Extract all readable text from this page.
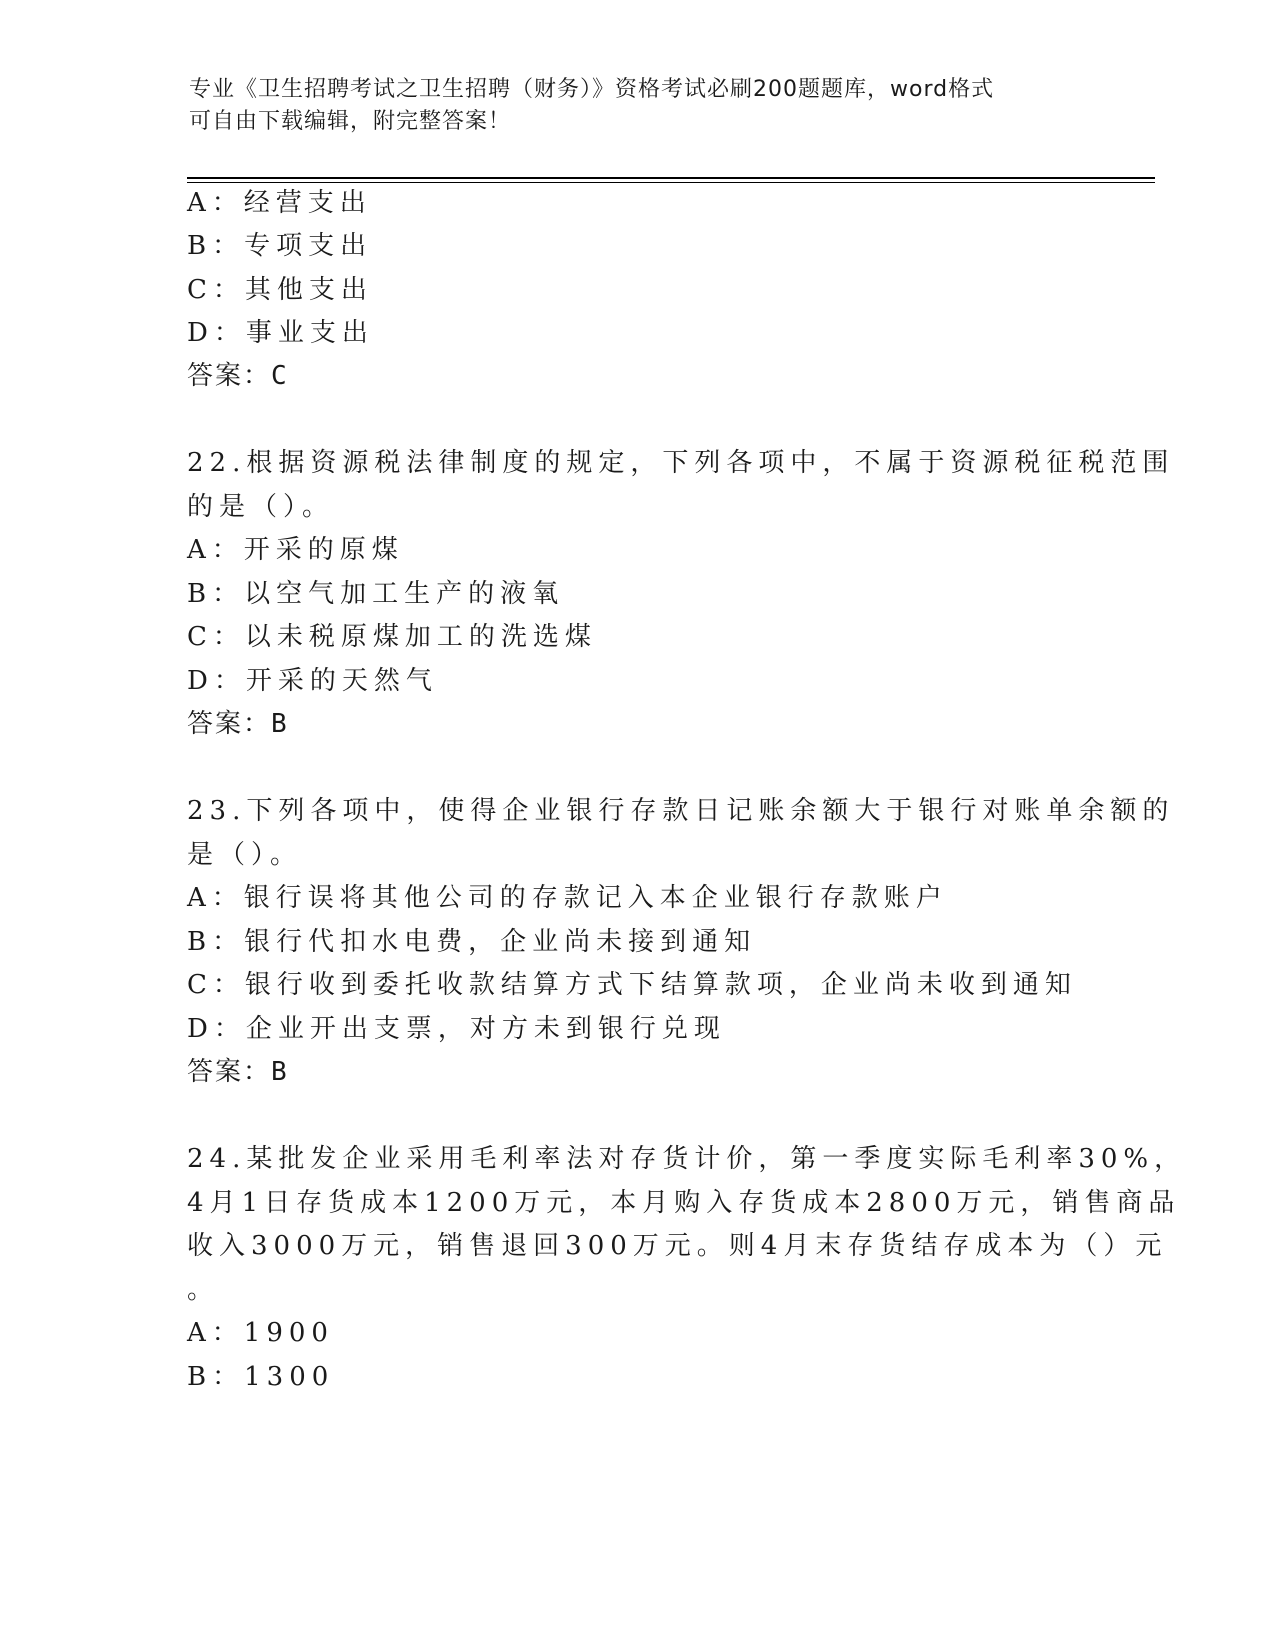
专业《卫生招聘考试之卫生招聘（财务）》资格考试必刷200题题库，word格式
可自由下载编辑，附完整答案！
A：经营支出
B：专项支出
C：其他支出
D：事业支出
答案：C
22.根据资源税法律制度的规定，下列各项中，不属于资源税征税范围
的是（）。
A：开采的原煤
B：以空气加工生产的液氧
C：以未税原煤加工的洗选煤
D：开采的天然气
答案：B
23.下列各项中，使得企业银行存款日记账余额大于银行对账单余额的
是（）。
A：银行误将其他公司的存款记入本企业银行存款账户
B：银行代扣水电费，企业尚未接到通知
C：银行收到委托收款结算方式下结算款项，企业尚未收到通知
D：企业开出支票，对方未到银行兑现
答案：B
24.某批发企业采用毛利率法对存货计价，第一季度实际毛利率30%，
4月1日存货成本1200万元，本月购入存货成本2800万元，销售商品
收入3000万元，销售退回300万元。则4月末存货结存成本为（）元
。
A：1900
B：1300
